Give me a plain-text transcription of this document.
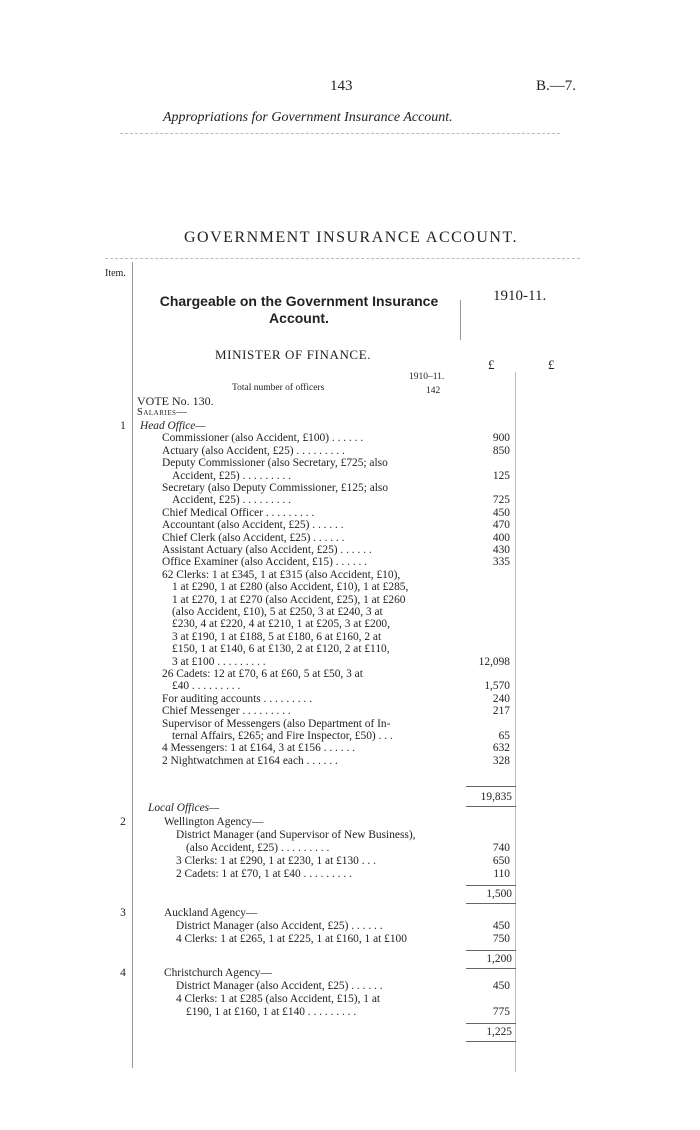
143	B.—7.
Appropriations for Government Insurance Account.
GOVERNMENT INSURANCE ACCOUNT.
Item.
Chargeable on the Government Insurance Account.
1910-11.
MINISTER OF FINANCE.
£	£
1910–11.
Total number of officers	142
VOTE No. 130.
Salaries—
1	Head Office—
Commissioner (also Accident, £100) . . . . . .	900
Actuary (also Accident, £25) . . . . . . . . .	850
Deputy Commissioner (also Secretary, £725; also
Accident, £25) . . . . . . . . .	125
Secretary (also Deputy Commissioner, £125; also
Accident, £25) . . . . . . . . .	725
Chief Medical Officer . . . . . . . . .	450
Accountant (also Accident, £25) . . . . . .	470
Chief Clerk (also Accident, £25) . . . . . .	400
Assistant Actuary (also Accident, £25) . . . . . .	430
Office Examiner (also Accident, £15) . . . . . .	335
62 Clerks: 1 at £345, 1 at £315 (also Accident, £10),
1 at £290, 1 at £280 (also Accident, £10), 1 at £285,
1 at £270, 1 at £270 (also Accident, £25), 1 at £260
(also Accident, £10), 5 at £250, 3 at £240, 3 at
£230, 4 at £220, 4 at £210, 1 at £205, 3 at £200,
3 at £190, 1 at £188, 5 at £180, 6 at £160, 2 at
£150, 1 at £140, 6 at £130, 2 at £120, 2 at £110,
3 at £100 . . . . . . . . .	12,098
26 Cadets: 12 at £70, 6 at £60, 5 at £50, 3 at
£40 . . . . . . . . .	1,570
For auditing accounts . . . . . . . . .	240
Chief Messenger . . . . . . . . .	217
Supervisor of Messengers (also Department of In-
ternal Affairs, £265; and Fire Inspector, £50) . . .	65
4 Messengers: 1 at £164, 3 at £156 . . . . . .	632
2 Nightwatchmen at £164 each . . . . . .	328
19,835
Local Offices—
2	Wellington Agency—
District Manager (and Supervisor of New Business),
(also Accident, £25) . . . . . . . . .	740
3 Clerks: 1 at £290, 1 at £230, 1 at £130 . . .	650
2 Cadets: 1 at £70, 1 at £40 . . . . . . . . .	110
1,500
3	Auckland Agency—
District Manager (also Accident, £25) . . . . . .	450
4 Clerks: 1 at £265, 1 at £225, 1 at £160, 1 at £100	750
1,200
4	Christchurch Agency—
District Manager (also Accident, £25) . . . . . .	450
4 Clerks: 1 at £285 (also Accident, £15), 1 at
£190, 1 at £160, 1 at £140 . . . . . . . . .	775
1,225
